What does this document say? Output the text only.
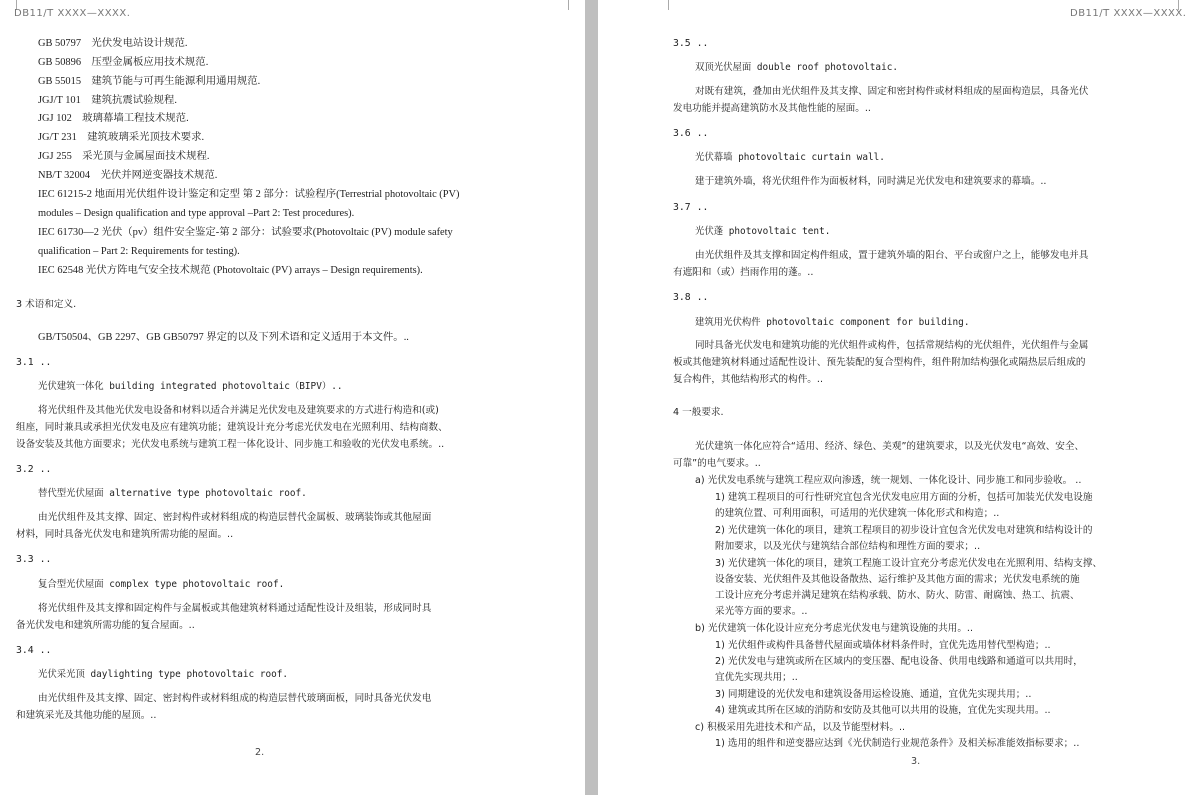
DB11/T XXXX—XXXX.
GB 50797 光伏发电站设计规范.
GB 50896 压型金属板应用技术规范.
GB 55015 建筑节能与可再生能源利用通用规范.
JGJ/T 101 建筑抗震试验规程.
JGJ 102 玻璃幕墙工程技术规范.
JG/T 231 建筑玻璃采光顶技术要求.
JGJ 255 采光顶与金属屋面技术规程.
NB/T 32004 光伏并网逆变器技术规范.
IEC 61215-2 地面用光伏组件设计鉴定和定型 第 2 部分：试验程序(Terrestrial photovoltaic (PV)
modules – Design qualification and type approval –Part 2: Test procedures).
IEC 61730—2 光伏（pv）组件安全鉴定-第 2 部分：试验要求(Photovoltaic (PV) module safety
qualification – Part 2: Requirements for testing).
IEC 62548 光伏方阵电气安全技术规范 (Photovoltaic (PV) arrays – Design requirements).
3 术语和定义.
GB/T50504、GB 2297、GB GB50797 界定的以及下列术语和定义适用于本文件。..
3.1 ..
光伏建筑一体化 building integrated photovoltaic（BIPV）..
将光伏组件及其他光伏发电设备和材料以适合并满足光伏发电及建筑要求的方式进行构造和(或)
组座，同时兼具或承担光伏发电及应有建筑功能；建筑设计充分考虑光伏发电在光照利用、结构商数、
设备安装及其他方面要求；光伏发电系统与建筑工程一体化设计、同步施工和验收的光伏发电系统。..
3.2 ..
替代型光伏屋面 alternative type photovoltaic roof.
由光伏组件及其支撑、固定、密封构件或材料组成的构造层替代金属板、玻璃装饰或其他屋面
材料，同时具备光伏发电和建筑所需功能的屋面。..
3.3 ..
复合型光伏屋面 complex type photovoltaic roof.
将光伏组件及其支撑和固定构件与金属板或其他建筑材料通过适配性设计及组装，形成同时具
备光伏发电和建筑所需功能的复合屋面。..
3.4 ..
光伏采光顶 daylighting type photovoltaic roof.
由光伏组件及其支撑、固定、密封构件或材料组成的构造层替代玻璃面板，同时具备光伏发电
和建筑采光及其他功能的屋顶。..
2.
DB11/T XXXX—XXXX.
3.5 ..
双顶光伏屋面 double roof photovoltaic.
对既有建筑，叠加由光伏组件及其支撑、固定和密封构件或材料组成的屋面构造层，具备光伏
发电功能并提高建筑防水及其他性能的屋面。..
3.6 ..
光伏幕墙 photovoltaic curtain wall.
建于建筑外墙，将光伏组件作为面板材料，同时满足光伏发电和建筑要求的幕墙。..
3.7 ..
光伏蓬 photovoltaic tent.
由光伏组件及其支撑和固定构件组成，置于建筑外墙的阳台、平台或窗户之上，能够发电并具
有遮阳和（或）挡雨作用的蓬。..
3.8 ..
建筑用光伏构件 photovoltaic component for building.
同时具备光伏发电和建筑功能的光伏组件或构件，包括常规结构的光伏组件，光伏组件与金属
板或其他建筑材料通过适配性设计、预先装配的复合型构件，组件附加结构强化或隔热层后组成的
复合构件，其他结构形式的构件。..
4 一般要求.
光伏建筑一体化应符合“适用、经济、绿色、美观”的建筑要求，以及光伏发电“高效、安全、
可靠”的电气要求。..
a) 光伏发电系统与建筑工程应双向渗透，统一规划、一体化设计、同步施工和同步验收。 ..
1) 建筑工程项目的可行性研究宜包含光伏发电应用方面的分析，包括可加装光伏发电设施
的建筑位置、可利用面积，可适用的光伏建筑一体化形式和构造；..
2) 光伏建筑一体化的项目，建筑工程项目的初步设计宜包含光伏发电对建筑和结构设计的
附加要求，以及光伏与建筑结合部位结构和理性方面的要求；..
3) 光伏建筑一体化的项目，建筑工程施工设计宜充分考虑光伏发电在光照利用、结构支撑、
设备安装、光伏组件及其他设备散热、运行维护及其他方面的需求；光伏发电系统的施
工设计应充分考虑并满足建筑在结构承载、防水、防火、防雷、耐腐蚀、热工、抗震、
采光等方面的要求。..
b) 光伏建筑一体化设计应充分考虑光伏发电与建筑设施的共用。..
1) 光伏组件或构件具备替代屋面或墙体材料条件时，宜优先选用替代型构造；..
2) 光伏发电与建筑或所在区域内的变压器、配电设备、供用电线路和通道可以共用时，
宜优先实现共用；..
3) 同期建设的光伏发电和建筑设备用运检设施、通道，宜优先实现共用；..
4) 建筑或其所在区域的消防和安防及其他可以共用的设施，宜优先实现共用。..
c) 积极采用先进技术和产品，以及节能型材料。..
1) 选用的组件和逆变器应达到《光伏制造行业规范条件》及相关标准能效指标要求；..
3.
